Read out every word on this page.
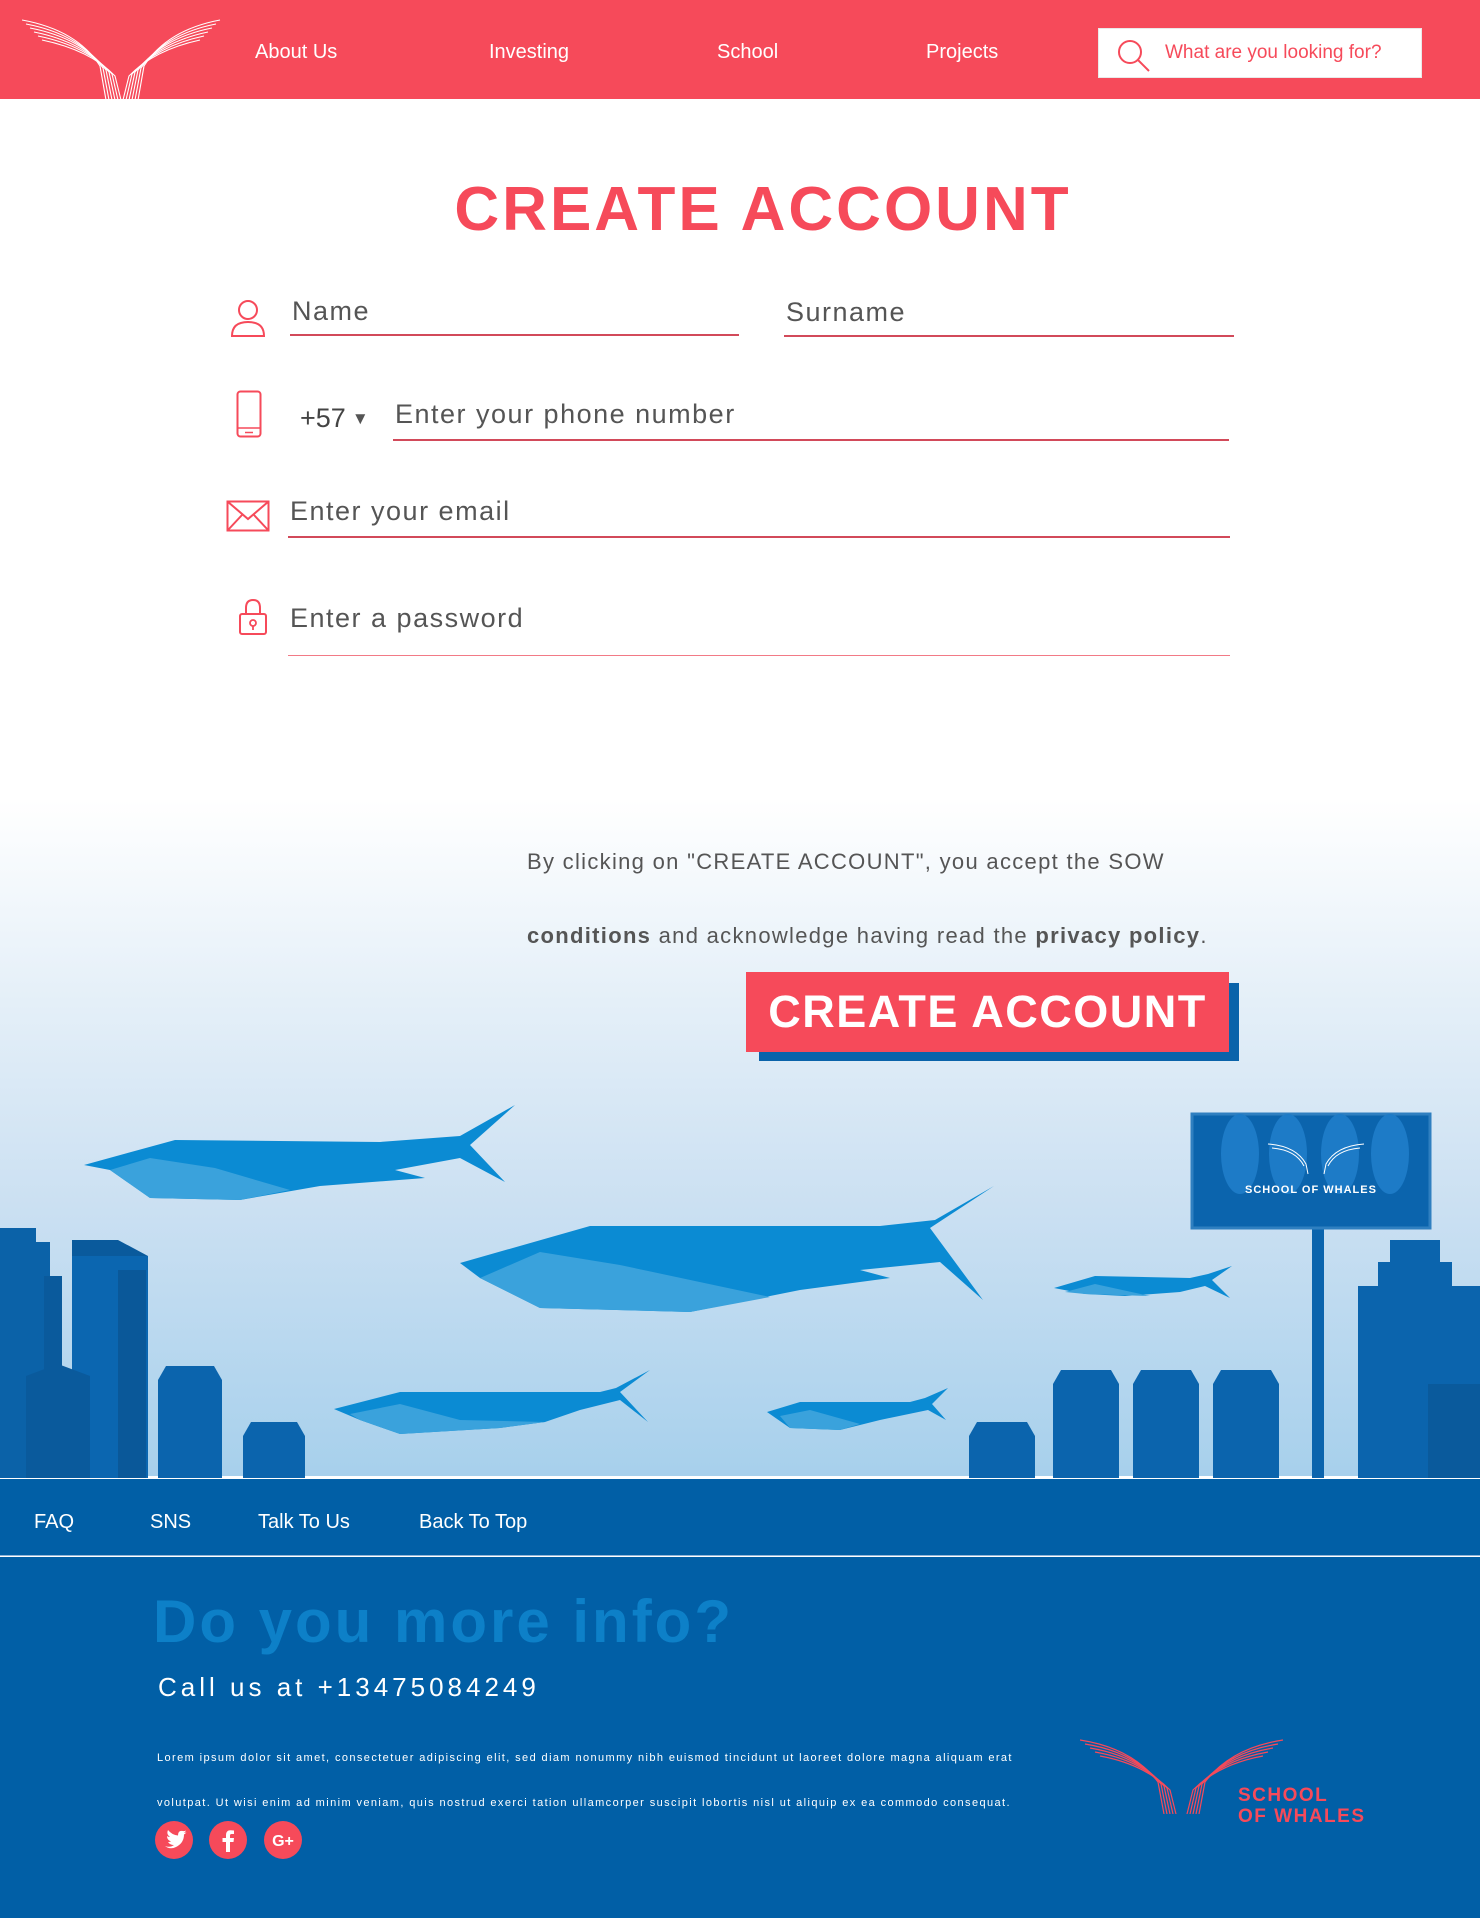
About Us	Investing	School	Projects
What are you looking for?
CREATE ACCOUNT
Name
Surname
+57 ▼
Enter your phone number
Enter your email
By clicking on "CREATE ACCOUNT", you accept the SOW
conditions and acknowledge having read the privacy policy.
CREATE ACCOUNT
SCHOOL OF WHALES
FAQ	SNS	Talk To Us	Back To Top
Do you more info?
Call us at +13475084249
Lorem ipsum dolor sit amet, consectetuer adipiscing elit, sed diam nonummy nibh euismod tincidunt ut laoreet dolore magna aliquam erat
volutpat. Ut wisi enim ad minim veniam, quis nostrud exerci tation ullamcorper suscipit lobortis nisl ut aliquip ex ea commodo consequat.
G+
SCHOOL
OF WHALES
